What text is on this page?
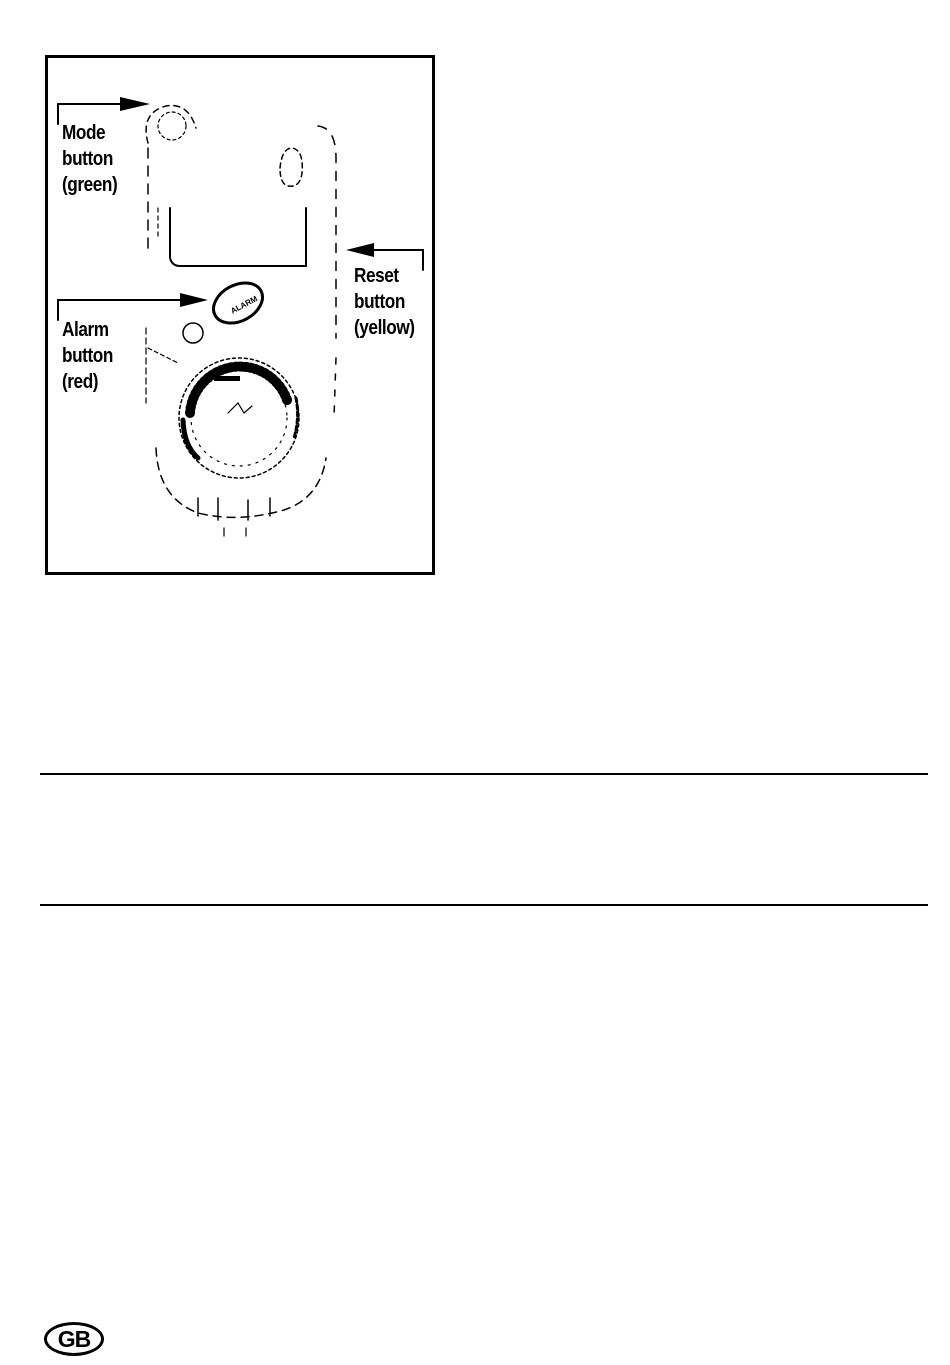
ALARM
Mode
button
(green)
Alarm
button
(red)
Reset
button
(yellow)
GB
